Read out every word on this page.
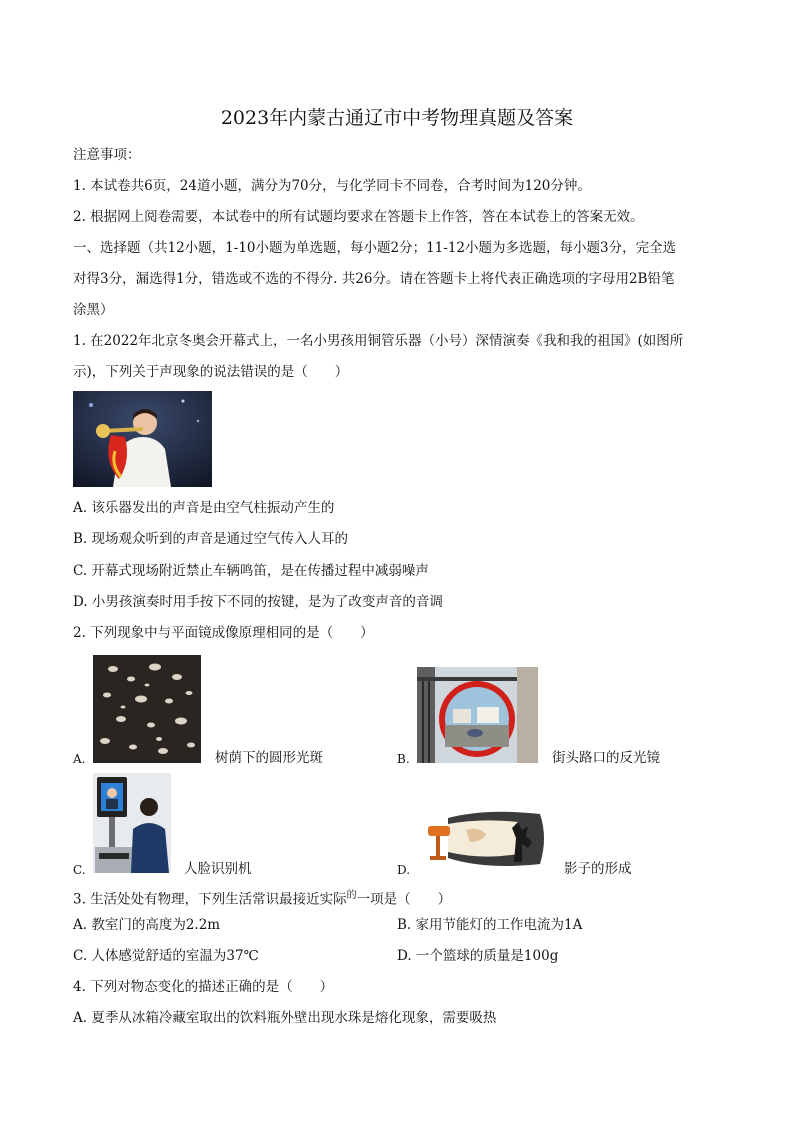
2023年内蒙古通辽市中考物理真题及答案
注意事项：
1. 本试卷共6页，24道小题，满分为70分，与化学同卡不同卷，合考时间为120分钟。
2. 根据网上阅卷需要，本试卷中的所有试题均要求在答题卡上作答，答在本试卷上的答案无效。
一、选择题（共12小题，1-10小题为单选题，每小题2分；11-12小题为多选题，每小题3分，完全选
对得3分，漏选得1分，错选或不选的不得分. 共26分。请在答题卡上将代表正确选项的字母用2B铅笔
涂黑）
1. 在2022年北京冬奥会开幕式上，一名小男孩用铜管乐器（小号）深情演奏《我和我的祖国》(如图所
示)，下列关于声现象的说法错误的是（　　）
A. 该乐器发出的声音是由空气柱振动产生的
B. 现场观众听到的声音是通过空气传入人耳的
C. 开幕式现场附近禁止车辆鸣笛，是在传播过程中减弱噪声
D. 小男孩演奏时用手按下不同的按键，是为了改变声音的音调
2. 下列现象中与平面镜成像原理相同的是（　　）
A.	树荫下的圆形光斑	B.	街头路口的反光镜
C.	人脸识别机	D.	影子的形成
3. 生活处处有物理，下列生活常识最接近实际$^的$一项是（　　）
A. 教室门的高度为2.2m	B. 家用节能灯的工作电流为1A
C. 人体感觉舒适的室温为37℃	D. 一个篮球的质量是100g
4. 下列对物态变化的描述正确的是（　　）
A. 夏季从冰箱冷藏室取出的饮料瓶外壁出现水珠是熔化现象，需要吸热
